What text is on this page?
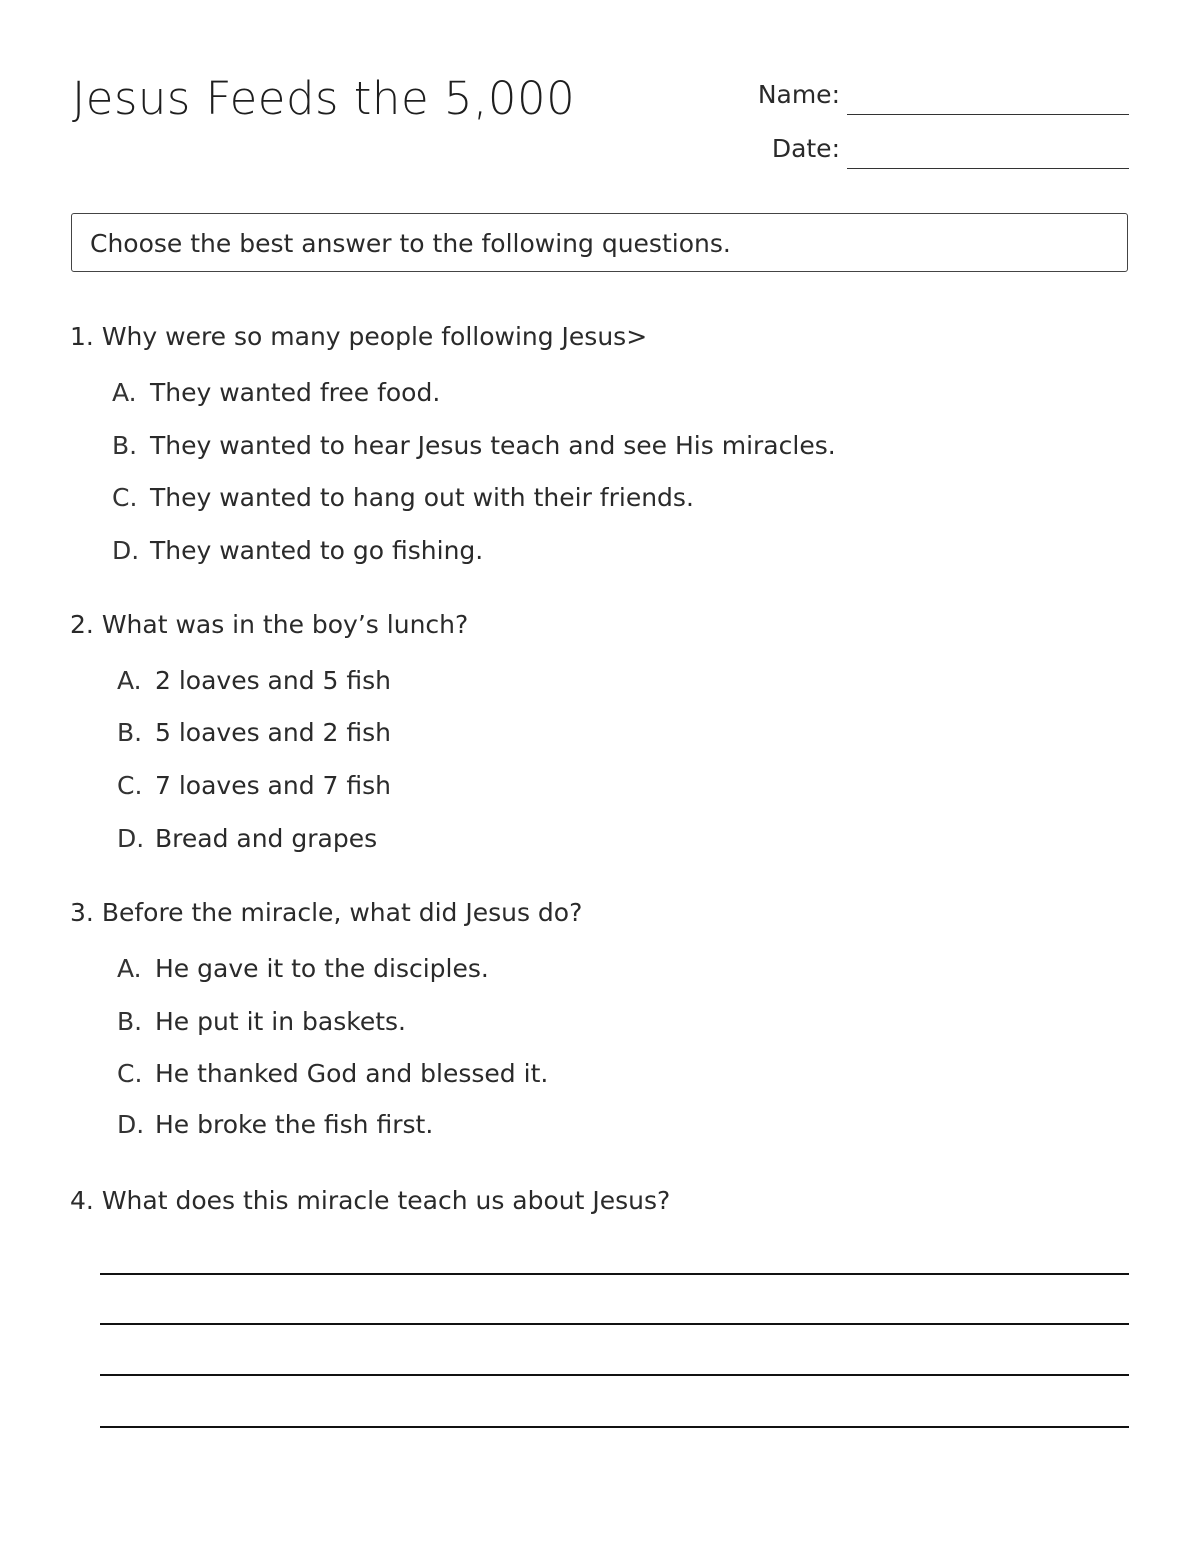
Jesus Feeds the 5,000	Name:
Date:
Choose the best answer to the following questions.
1. Why were so many people following Jesus>
A. They wanted free food.
B. They wanted to hear Jesus teach and see His miracles.
C. They wanted to hang out with their friends.
D. They wanted to go fishing.
2. What was in the boy’s lunch?
A. 2 loaves and 5 fish
B. 5 loaves and 2 fish
C. 7 loaves and 7 fish
D. Bread and grapes
3. Before the miracle, what did Jesus do?
A. He gave it to the disciples.
B. He put it in baskets.
C. He thanked God and blessed it.
D. He broke the fish first.
4. What does this miracle teach us about Jesus?
